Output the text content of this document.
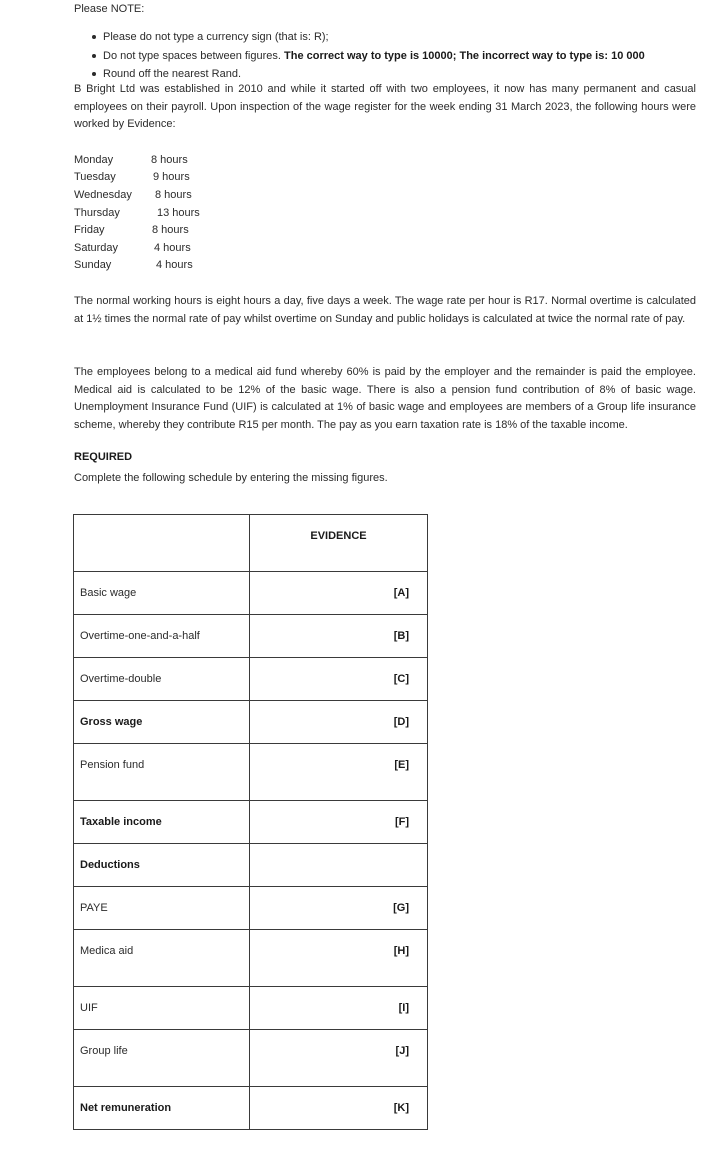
Please NOTE:
Please do not type a currency sign (that is: R);
Do not type spaces between figures. The correct way to type is 10000; The incorrect way to type is: 10 000
Round off the nearest Rand.

B Bright Ltd was established in 2010 and while it started off with two employees, it now has many permanent and casual employees on their payroll. Upon inspection of the wage register for the week ending 31 March 2023, the following hours were worked by Evidence:

Monday	8 hours
Tuesday	9 hours
Wednesday 8 hours
Thursday	13 hours
Friday	8 hours
Saturday	4 hours
Sunday	4 hours

The normal working hours is eight hours a day, five days a week. The wage rate per hour is R17. Normal overtime is calculated at 1½ times the normal rate of pay whilst overtime on Sunday and public holidays is calculated at twice the normal rate of pay.

The employees belong to a medical aid fund whereby 60% is paid by the employer and the remainder is paid the employee. Medical aid is calculated to be 12% of the basic wage. There is also a pension fund contribution of 8% of basic wage. Unemployment Insurance Fund (UIF) is calculated at 1% of basic wage and employees are members of a Group life insurance scheme, whereby they contribute R15 per month. The pay as you earn taxation rate is 18% of the taxable income.

REQUIRED
Complete the following schedule by entering the missing figures.
	EVIDENCE
Basic wage	[A]
Overtime-one-and-a-half	[B]
Overtime-double	[C]
Gross wage	[D]
Pension fund	[E]
Taxable income	[F]
Deductions	
PAYE	[G]
Medica aid	[H]
UIF	[I]
Group life	[J]
Net remuneration	[K]
